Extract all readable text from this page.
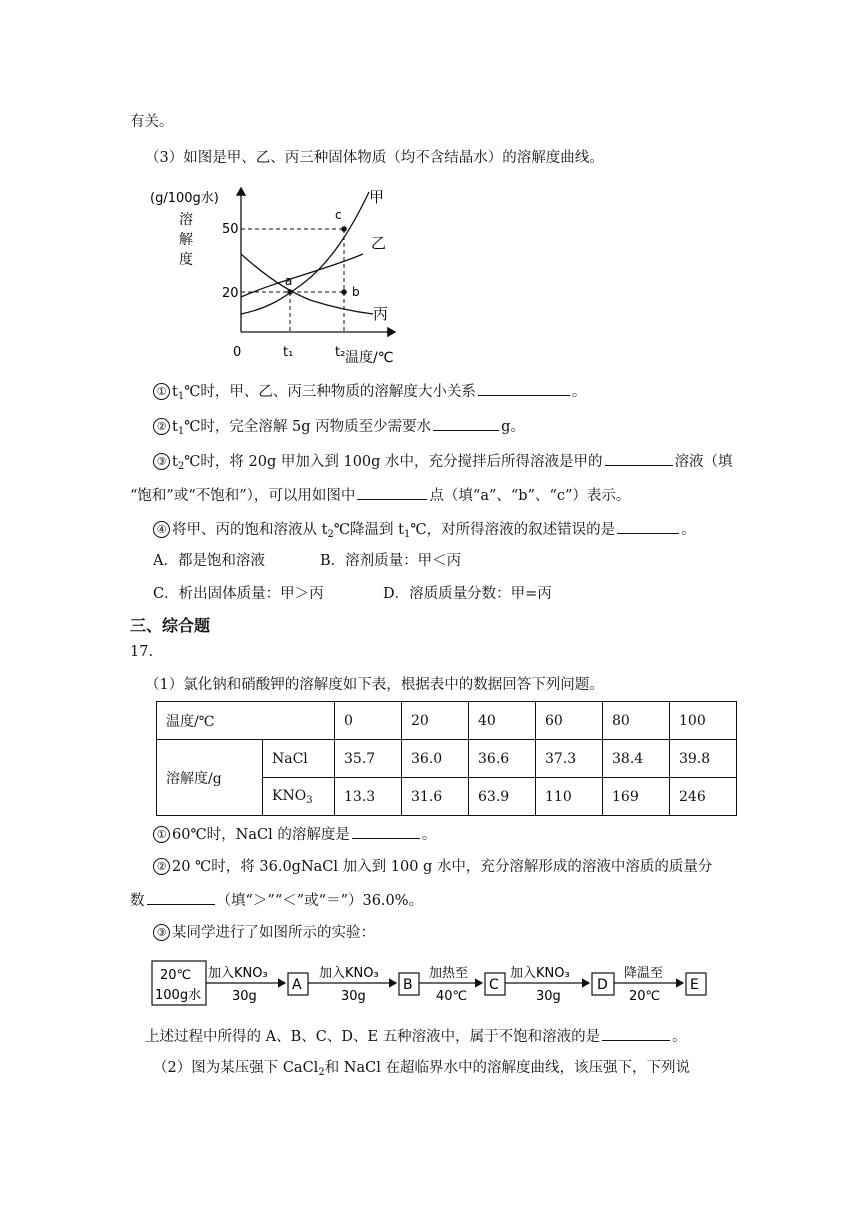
有关。
（3）如图是甲、乙、丙三种固体物质（均不含结晶水）的溶解度曲线。
(g/100g水)
溶
解
度
50
20
0	t₁	t₂ 温度/℃
a
b
c
甲
乙
丙
① $t_1℃$时，甲、乙、丙三种物质的溶解度大小关系	。
② $t_1℃$时，完全溶解 5g 丙物质至少需要水	g。
③ $t_2℃$时，将 20g 甲加入到 100g 水中，充分搅拌后所得溶液是甲的	溶液（填
“饱和”或“不饱和”），可以用如图中	点（填“a”、“b”、“c”）表示。
④ 将甲、丙的饱和溶液从 $t_2℃$降温到 $t_1℃$，对所得溶液的叙述错误的是	。
A．都是饱和溶液	B．溶剂质量：甲＜丙
C．析出固体质量：甲＞丙	D．溶质质量分数：甲=丙
三、综合题
17.
（1）氯化钠和硝酸钾的溶解度如下表，根据表中的数据回答下列问题。
温度/℃		0	20	40	60	80	100
溶解度/g	NaCl	35.7	36.0	36.6	37.3	38.4	39.8
	$KNO_3$	13.3	31.6	63.9	110	169	246
① 60℃时，NaCl 的溶解度是	。
② 20 ℃时，将 36.0gNaCl 加入到 100 g 水中，充分溶解形成的溶液中溶质的质量分
数	（填“＞”“＜”或“＝”）36.0%。
③ 某同学进行了如图所示的实验：
20℃
100g水
加入KNO₃
30g
A
加入KNO₃
30g
B
加热至
40℃
C
加入KNO₃
30g
D
降温至
20℃
E
上述过程中所得的 A、B、C、D、E 五种溶液中，属于不饱和溶液的是	。
（2）图为某压强下 CaCl$_2$和 NaCl 在超临界水中的溶解度曲线，该压强下，下列说
